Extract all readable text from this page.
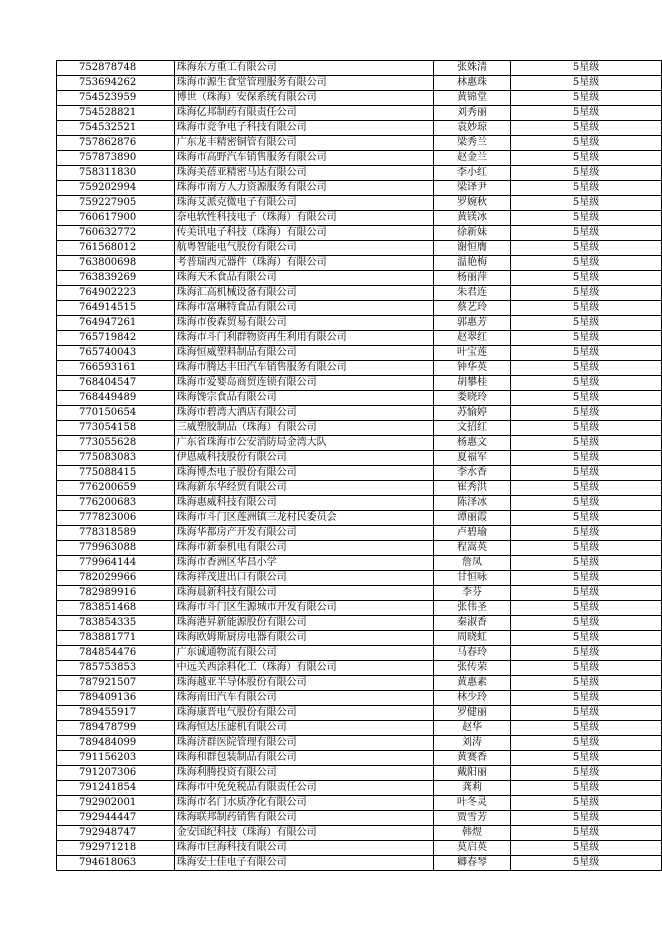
752878748	珠海东方重工有限公司	张姝清	5星级
753694262	珠海市源生食堂管理服务有限公司	林惠珠	5星级
754523959	博世（珠海）安保系统有限公司	黄锦堂	5星级
754528821	珠海亿邦制药有限责任公司	刘秀丽	5星级
754532521	珠海市竞争电子科技有限公司	袁妙琼	5星级
757862876	广东龙丰精密铜管有限公司	梁秀兰	5星级
757873890	珠海市高野汽车销售服务有限公司	赵金兰	5星级
758311830	珠海美蓓亚精密马达有限公司	李小红	5星级
759202994	珠海市南方人力资源服务有限公司	梁译尹	5星级
759227905	珠海艾派克微电子有限公司	罗婉秋	5星级
760617900	奈电软性科技电子（珠海）有限公司	黄镁冰	5星级
760632772	传美讯电子科技（珠海）有限公司	徐新妹	5星级
761568012	航粤智能电气股份有限公司	谢恒膺	5星级
763800698	考普瑞西元器件（珠海）有限公司	温艳梅	5星级
763839269	珠海天禾食品有限公司	杨丽萍	5星级
764902223	珠海汇高机械设备有限公司	朱君连	5星级
764914515	珠海市富琳特食品有限公司	蔡艺玲	5星级
764947261	珠海市俊森贸易有限公司	郭惠芳	5星级
765719842	珠海市斗门利群物资再生利用有限公司	赵翠红	5星级
765740043	珠海恒威塑料制品有限公司	叶宝莲	5星级
766593161	珠海市腾达丰田汽车销售服务有限公司	钟华英	5星级
768404547	珠海市爱婴岛商贸连锁有限公司	胡攀桂	5星级
768449489	珠海馋宗食品有限公司	娄晓玲	5星级
770150654	珠海市碧湾大酒店有限公司	苏愉婷	5星级
773054158	三威塑胶制品（珠海）有限公司	文招红	5星级
773055628	广东省珠海市公安消防局金湾大队	杨惠文	5星级
775083083	伊恩威科技股份有限公司	夏福军	5星级
775088415	珠海博杰电子股份有限公司	李水香	5星级
776200659	珠海新东华经贸有限公司	崔秀洪	5星级
776200683	珠海惠威科技有限公司	陈泽冰	5星级
777823006	珠海市斗门区莲洲镇三龙村民委员会	谭丽霞	5星级
778318589	珠海华都房产开发有限公司	卢碧瑜	5星级
779963088	珠海市新泰机电有限公司	程嵩英	5星级
779964144	珠海市香洲区华昌小学	詹凤	5星级
782029966	珠海祥茂进出口有限公司	甘恒咏	5星级
782989916	珠海晨新科技有限公司	李芬	5星级
783851468	珠海市斗门区生源城市开发有限公司	张伟圣	5星级
783854335	珠海港昇新能源股份有限公司	秦淑香	5星级
783881771	珠海欧姆斯厨房电器有限公司	周晓虹	5星级
784854476	广东诚通物流有限公司	马春玲	5星级
785753853	中远关西涂料化工（珠海）有限公司	张传荣	5星级
787921507	珠海越亚半导体股份有限公司	黄惠素	5星级
789409136	珠海南田汽车有限公司	林少玲	5星级
789455917	珠海康晋电气股份有限公司	罗健丽	5星级
789478799	珠海恒达压滤机有限公司	赵华	5星级
789484099	珠海济群医院管理有限公司	刘涛	5星级
791156203	珠海和群包装制品有限公司	黄赛香	5星级
791207306	珠海利腾投资有限公司	戴阳丽	5星级
791241854	珠海市中免免税品有限责任公司	龚莉	5星级
792902001	珠海市名门水质净化有限公司	叶冬灵	5星级
792944447	珠海联邦制药销售有限公司	贾雪芳	5星级
792948747	金安国纪科技（珠海）有限公司	韩煜	5星级
792971218	珠海市巨海科技有限公司	莫启英	5星级
794618063	珠海安士佳电子有限公司	卿春琴	5星级
